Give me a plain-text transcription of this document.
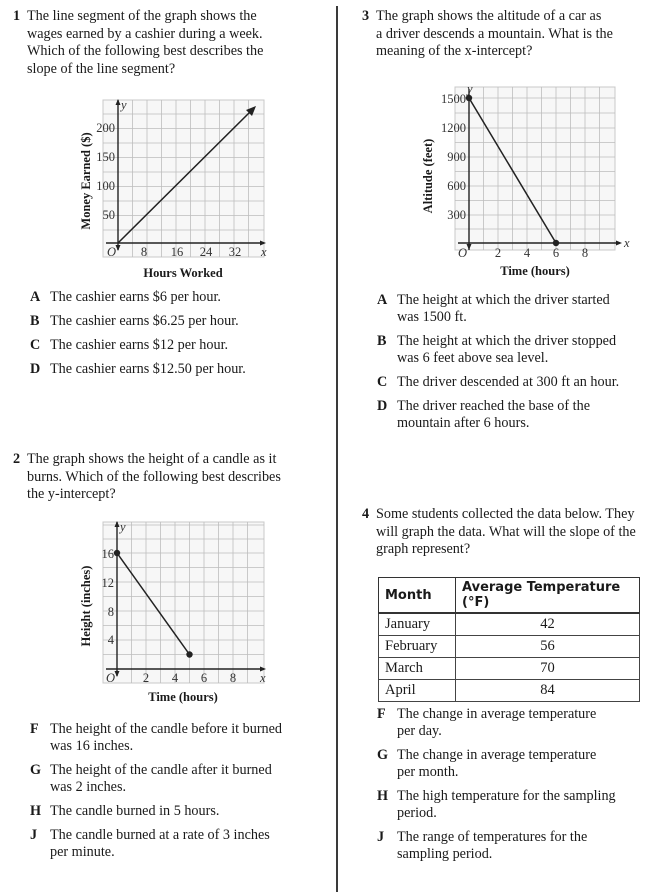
1 The line segment of the graph shows the
wages earned by a cashier during a week.
Which of the following best describes the
slope of the line segment?
y
x
O 8 16 24 32
50
100
150
200
Hours Worked
Money Earned ($)
A The cashier earns $6 per hour.
B The cashier earns $6.25 per hour.
C The cashier earns $12 per hour.
D The cashier earns $12.50 per hour.
2 The graph shows the height of a candle as it
burns. Which of the following best describes
the y-intercept?
y
x
O 2 4 6 8
4
8
12
16
Time (hours)
Height (inches)
F The height of the candle before it burned
was 16 inches.
G The height of the candle after it burned
was 2 inches.
H The candle burned in 5 hours.
J The candle burned at a rate of 3 inches
per minute.
3 The graph shows the altitude of a car as
a driver descends a mountain. What is the
meaning of the x-intercept?
y
x
O 2 4 6 8
300
600
900
1200
1500
Time (hours)
Altitude (feet)
A The height at which the driver started
was 1500 ft.
B The height at which the driver stopped
was 6 feet above sea level.
C The driver descended at 300 ft an hour.
D The driver reached the base of the
mountain after 6 hours.
4 Some students collected the data below. They
will graph the data. What will the slope of the
graph represent?
Month	Average Temperature (°F)
January	42
February	56
March	70
April	84
F The change in average temperature
per day.
G The change in average temperature
per month.
H The high temperature for the sampling
period.
J The range of temperatures for the
sampling period.
